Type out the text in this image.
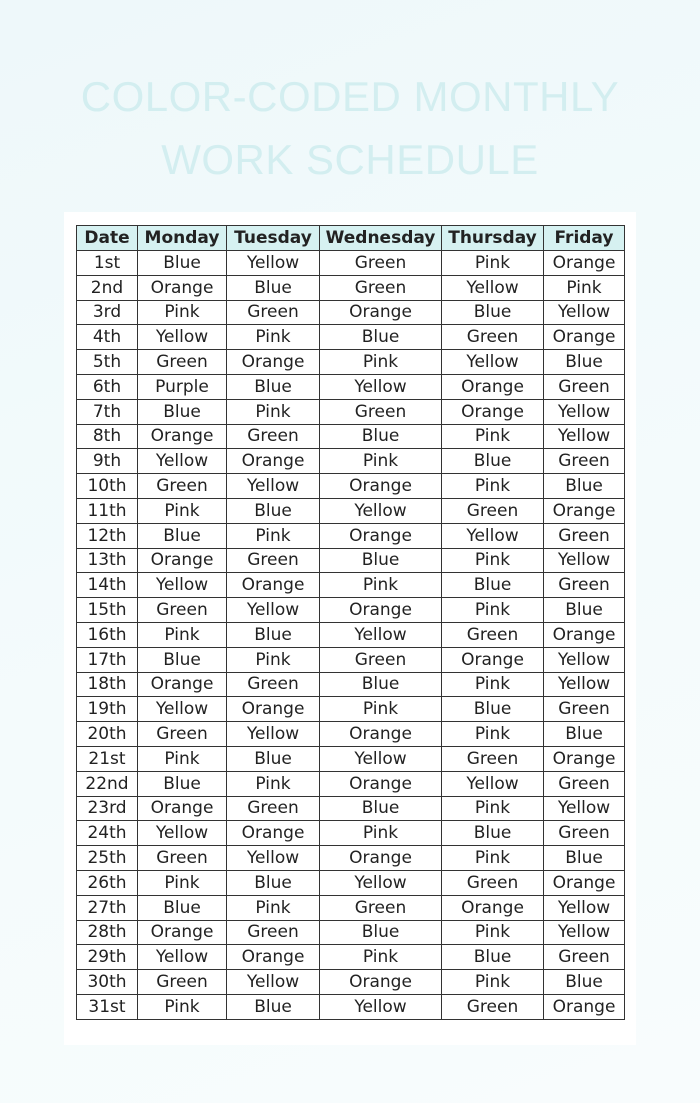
COLOR-CODED MONTHLY
WORK SCHEDULE
Date	Monday	Tuesday	Wednesday	Thursday	Friday
1st	Blue	Yellow	Green	Pink	Orange
2nd	Orange	Blue	Green	Yellow	Pink
3rd	Pink	Green	Orange	Blue	Yellow
4th	Yellow	Pink	Blue	Green	Orange
5th	Green	Orange	Pink	Yellow	Blue
6th	Purple	Blue	Yellow	Orange	Green
7th	Blue	Pink	Green	Orange	Yellow
8th	Orange	Green	Blue	Pink	Yellow
9th	Yellow	Orange	Pink	Blue	Green
10th	Green	Yellow	Orange	Pink	Blue
11th	Pink	Blue	Yellow	Green	Orange
12th	Blue	Pink	Orange	Yellow	Green
13th	Orange	Green	Blue	Pink	Yellow
14th	Yellow	Orange	Pink	Blue	Green
15th	Green	Yellow	Orange	Pink	Blue
16th	Pink	Blue	Yellow	Green	Orange
17th	Blue	Pink	Green	Orange	Yellow
18th	Orange	Green	Blue	Pink	Yellow
19th	Yellow	Orange	Pink	Blue	Green
20th	Green	Yellow	Orange	Pink	Blue
21st	Pink	Blue	Yellow	Green	Orange
22nd	Blue	Pink	Orange	Yellow	Green
23rd	Orange	Green	Blue	Pink	Yellow
24th	Yellow	Orange	Pink	Blue	Green
25th	Green	Yellow	Orange	Pink	Blue
26th	Pink	Blue	Yellow	Green	Orange
27th	Blue	Pink	Green	Orange	Yellow
28th	Orange	Green	Blue	Pink	Yellow
29th	Yellow	Orange	Pink	Blue	Green
30th	Green	Yellow	Orange	Pink	Blue
31st	Pink	Blue	Yellow	Green	Orange
